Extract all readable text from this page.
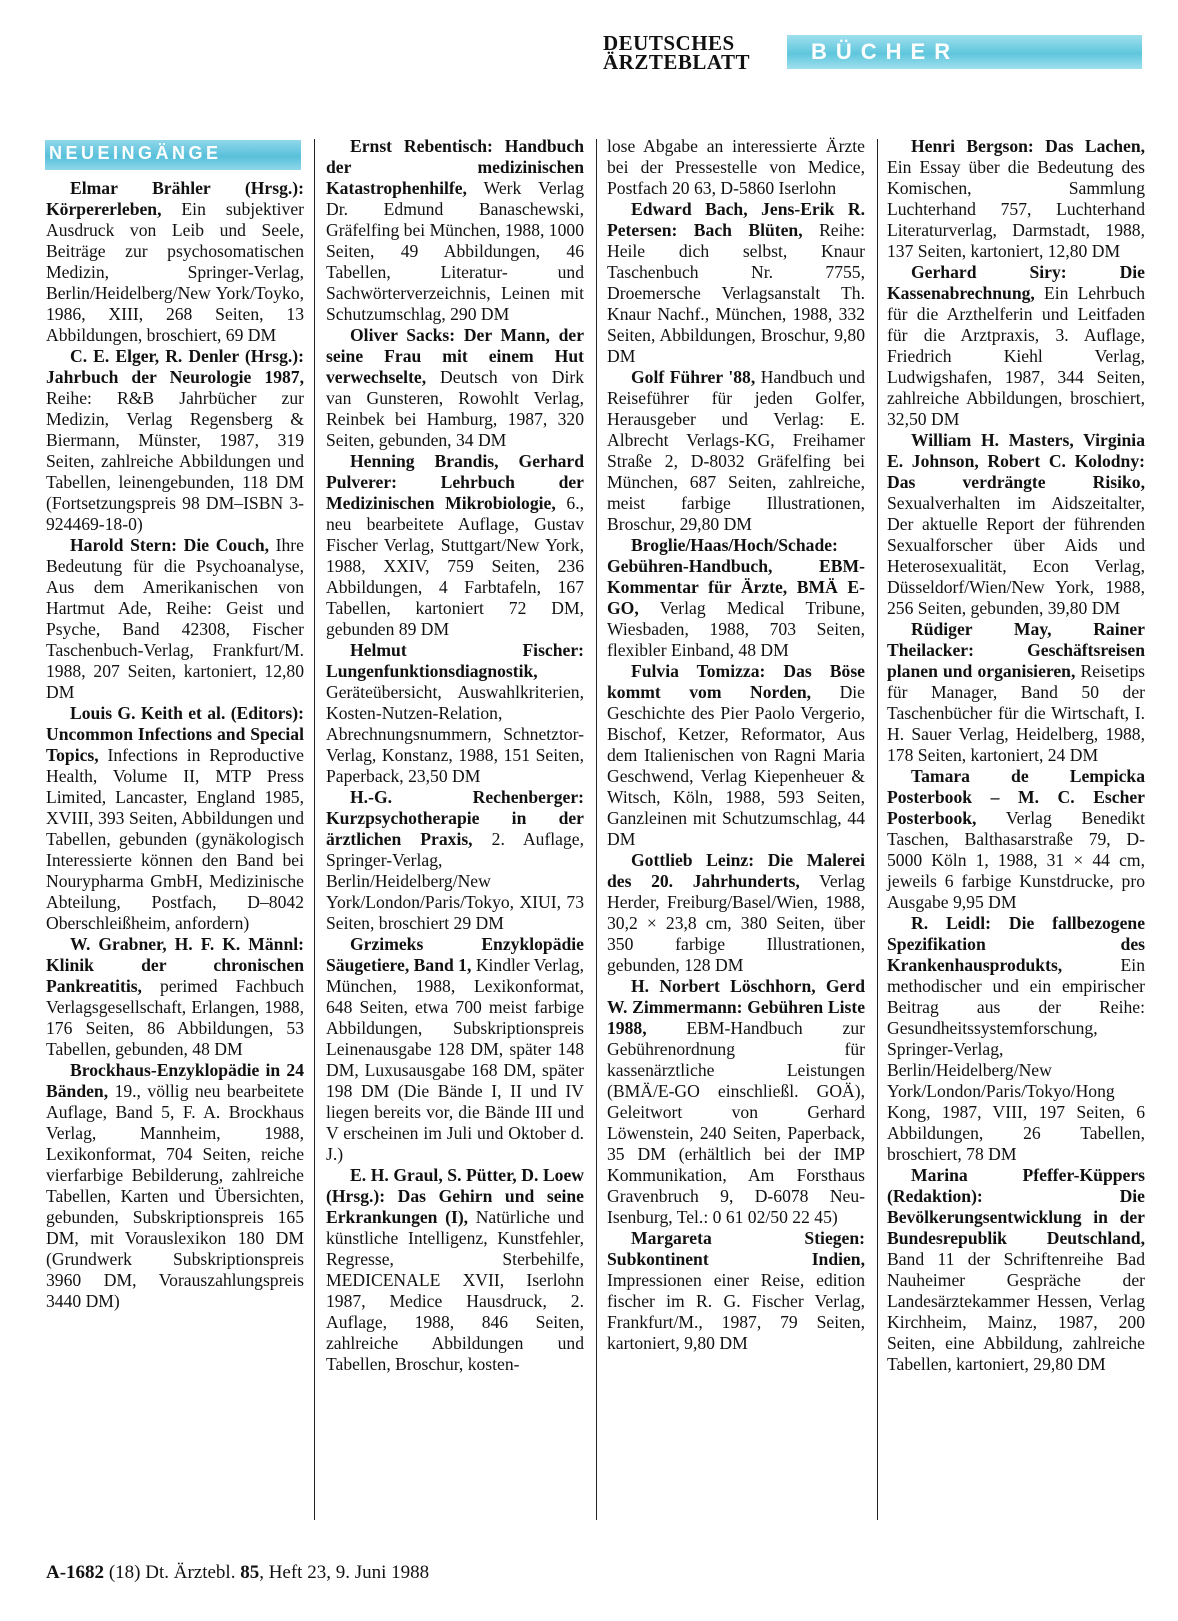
DEUTSCHES
ÄRZTEBLATT	BÜCHER
NEUEINGÄNGE
Elmar Brähler (Hrsg.): Körpererleben, Ein subjektiver Ausdruck von Leib und Seele, Beiträge zur psychosomatischen Medizin, Springer-Verlag, Berlin/Heidelberg/New York/Toyko, 1986, XIII, 268 Seiten, 13 Abbildungen, broschiert, 69 DM
C. E. Elger, R. Denler (Hrsg.): Jahrbuch der Neurologie 1987, Reihe: R&B Jahrbücher zur Medizin, Verlag Regensberg & Biermann, Münster, 1987, 319 Seiten, zahlreiche Abbildungen und Tabellen, leinengebunden, 118 DM (Fortsetzungspreis 98 DM–ISBN 3-924469-18-0)
Harold Stern: Die Couch, Ihre Bedeutung für die Psychoanalyse, Aus dem Amerikanischen von Hartmut Ade, Reihe: Geist und Psyche, Band 42308, Fischer Taschenbuch-Verlag, Frankfurt/M. 1988, 207 Seiten, kartoniert, 12,80 DM
Louis G. Keith et al. (Editors): Uncommon Infections and Special Topics, Infections in Reproductive Health, Volume II, MTP Press Limited, Lancaster, England 1985, XVIII, 393 Seiten, Abbildungen und Tabellen, gebunden (gynäkologisch Interessierte können den Band bei Nourypharma GmbH, Medizinische Abteilung, Postfach, D–8042 Oberschleißheim, anfordern)
W. Grabner, H. F. K. Männl: Klinik der chronischen Pankreatitis, perimed Fachbuch Verlagsgesellschaft, Erlangen, 1988, 176 Seiten, 86 Abbildungen, 53 Tabellen, gebunden, 48 DM
Brockhaus-Enzyklopädie in 24 Bänden, 19., völlig neu bearbeitete Auflage, Band 5, F. A. Brockhaus Verlag, Mannheim, 1988, Lexikonformat, 704 Seiten, reiche vierfarbige Bebilderung, zahlreiche Tabellen, Karten und Übersichten, gebunden, Subskriptionspreis 165 DM, mit Vorauslexikon 180 DM (Grundwerk Subskriptionspreis 3960 DM, Vorauszahlungspreis 3440 DM)
Ernst Rebentisch: Handbuch der medizinischen Katastrophenhilfe, Werk Verlag Dr. Edmund Banaschewski, Gräfelfing bei München, 1988, 1000 Seiten, 49 Abbildungen, 46 Tabellen, Literatur- und Sachwörterverzeichnis, Leinen mit Schutzumschlag, 290 DM
Oliver Sacks: Der Mann, der seine Frau mit einem Hut verwechselte, Deutsch von Dirk van Gunsteren, Rowohlt Verlag, Reinbek bei Hamburg, 1987, 320 Seiten, gebunden, 34 DM
Henning Brandis, Gerhard Pulverer: Lehrbuch der Medizinischen Mikrobiologie, 6., neu bearbeitete Auflage, Gustav Fischer Verlag, Stuttgart/New York, 1988, XXIV, 759 Seiten, 236 Abbildungen, 4 Farbtafeln, 167 Tabellen, kartoniert 72 DM, gebunden 89 DM
Helmut Fischer: Lungenfunktionsdiagnostik, Geräteübersicht, Auswahlkriterien, Kosten-Nutzen-Relation, Abrechnungsnummern, Schnetztor-Verlag, Konstanz, 1988, 151 Seiten, Paperback, 23,50 DM
H.-G. Rechenberger: Kurzpsychotherapie in der ärztlichen Praxis, 2. Auflage, Springer-Verlag, Berlin/Heidelberg/New York/London/Paris/Tokyo, XIUI, 73 Seiten, broschiert 29 DM
Grzimeks Enzyklopädie Säugetiere, Band 1, Kindler Verlag, München, 1988, Lexikonformat, 648 Seiten, etwa 700 meist farbige Abbildungen, Subskriptionspreis Leinenausgabe 128 DM, später 148 DM, Luxusausgabe 168 DM, später 198 DM (Die Bände I, II und IV liegen bereits vor, die Bände III und V erscheinen im Juli und Oktober d. J.)
E. H. Graul, S. Pütter, D. Loew (Hrsg.): Das Gehirn und seine Erkrankungen (I), Natürliche und künstliche Intelligenz, Kunstfehler, Regresse, Sterbehilfe, MEDICENALE XVII, Iserlohn 1987, Medice Hausdruck, 2. Auflage, 1988, 846 Seiten, zahlreiche Abbildungen und Tabellen, Broschur, kosten-
lose Abgabe an interessierte Ärzte bei der Pressestelle von Medice, Postfach 20 63, D-5860 Iserlohn
Edward Bach, Jens-Erik R. Petersen: Bach Blüten, Reihe: Heile dich selbst, Knaur Taschenbuch Nr. 7755, Droemersche Verlagsanstalt Th. Knaur Nachf., München, 1988, 332 Seiten, Abbildungen, Broschur, 9,80 DM
Golf Führer '88, Handbuch und Reiseführer für jeden Golfer, Herausgeber und Verlag: E. Albrecht Verlags-KG, Freihamer Straße 2, D-8032 Gräfelfing bei München, 687 Seiten, zahlreiche, meist farbige Illustrationen, Broschur, 29,80 DM
Broglie/Haas/Hoch/Schade: Gebühren-Handbuch, EBM-Kommentar für Ärzte, BMÄ E-GO, Verlag Medical Tribune, Wiesbaden, 1988, 703 Seiten, flexibler Einband, 48 DM
Fulvia Tomizza: Das Böse kommt vom Norden, Die Geschichte des Pier Paolo Vergerio, Bischof, Ketzer, Reformator, Aus dem Italienischen von Ragni Maria Geschwend, Verlag Kiepenheuer & Witsch, Köln, 1988, 593 Seiten, Ganzleinen mit Schutzumschlag, 44 DM
Gottlieb Leinz: Die Malerei des 20. Jahrhunderts, Verlag Herder, Freiburg/Basel/Wien, 1988, 30,2 × 23,8 cm, 380 Seiten, über 350 farbige Illustrationen, gebunden, 128 DM
H. Norbert Löschhorn, Gerd W. Zimmermann: Gebühren Liste 1988, EBM-Handbuch zur Gebührenordnung für kassenärztliche Leistungen (BMÄ/E-GO einschließl. GOÄ), Geleitwort von Gerhard Löwenstein, 240 Seiten, Paperback, 35 DM (erhältlich bei der IMP Kommunikation, Am Forsthaus Gravenbruch 9, D-6078 Neu-Isenburg, Tel.: 0 61 02/50 22 45)
Margareta Stiegen: Subkontinent Indien, Impressionen einer Reise, edition fischer im R. G. Fischer Verlag, Frankfurt/M., 1987, 79 Seiten, kartoniert, 9,80 DM
Henri Bergson: Das Lachen, Ein Essay über die Bedeutung des Komischen, Sammlung Luchterhand 757, Luchterhand Literaturverlag, Darmstadt, 1988, 137 Seiten, kartoniert, 12,80 DM
Gerhard Siry: Die Kassenabrechnung, Ein Lehrbuch für die Arzthelferin und Leitfaden für die Arztpraxis, 3. Auflage, Friedrich Kiehl Verlag, Ludwigshafen, 1987, 344 Seiten, zahlreiche Abbildungen, broschiert, 32,50 DM
William H. Masters, Virginia E. Johnson, Robert C. Kolodny: Das verdrängte Risiko, Sexualverhalten im Aidszeitalter, Der aktuelle Report der führenden Sexualforscher über Aids und Heterosexualität, Econ Verlag, Düsseldorf/Wien/New York, 1988, 256 Seiten, gebunden, 39,80 DM
Rüdiger May, Rainer Theilacker: Geschäftsreisen planen und organisieren, Reisetips für Manager, Band 50 der Taschenbücher für die Wirtschaft, I. H. Sauer Verlag, Heidelberg, 1988, 178 Seiten, kartoniert, 24 DM
Tamara de Lempicka Posterbook – M. C. Escher Posterbook, Verlag Benedikt Taschen, Balthasarstraße 79, D-5000 Köln 1, 1988, 31 × 44 cm, jeweils 6 farbige Kunstdrucke, pro Ausgabe 9,95 DM
R. Leidl: Die fallbezogene Spezifikation des Krankenhausprodukts, Ein methodischer und ein empirischer Beitrag aus der Reihe: Gesundheitssystemforschung, Springer-Verlag, Berlin/Heidelberg/New York/London/Paris/Tokyo/Hong Kong, 1987, VIII, 197 Seiten, 6 Abbildungen, 26 Tabellen, broschiert, 78 DM
Marina Pfeffer-Küppers (Redaktion): Die Bevölkerungsentwicklung in der Bundesrepublik Deutschland, Band 11 der Schriftenreihe Bad Nauheimer Gespräche der Landesärztekammer Hessen, Verlag Kirchheim, Mainz, 1987, 200 Seiten, eine Abbildung, zahlreiche Tabellen, kartoniert, 29,80 DM
A-1682 (18) Dt. Ärztebl. 85, Heft 23, 9. Juni 1988
